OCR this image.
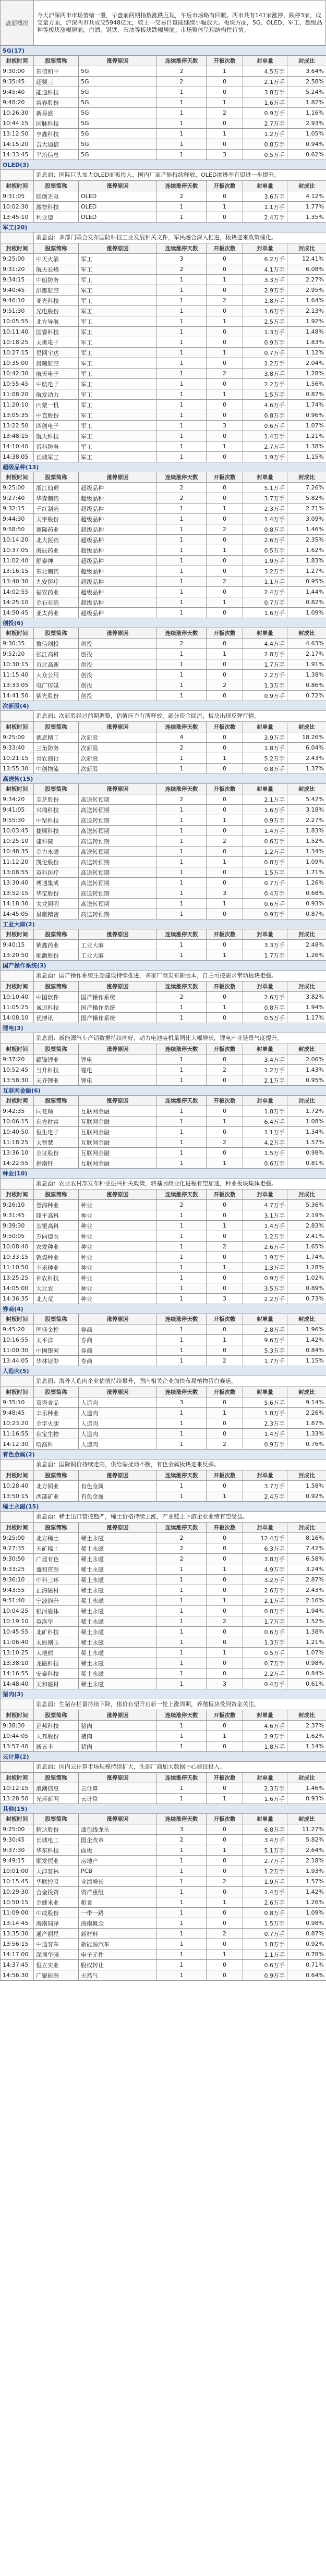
盘面概况	今天沪深两市市场情绪一般，早盘前两期指数涨跌互现，午后市场略有回暖。两市共有141家涨停，跌停3家，成交量方面，沪深两市共成交5948亿元，较上一交易日量能继续小幅放大。板块方面，5G、OLED、军工、超级品种等板块涨幅居前，白酒、钢铁、石油等板块跌幅居前。市场整体呈现结构性行情。
5G(17)						
封板时间	股票简称	涨停原因	连续涨停天数	开板次数	封单量	封成比
9:30:00	东信和平	5G	2	1	4.5万手	3.64%
9:35:45	超频三	5G	2	0	2.1万手	2.58%
9:45:40	能通科技	5G	1	0	3.8万手	5.24%
9:48:20	富春股份	5G	1	1	1.6万手	1.82%
10:26:30	新易盛	5G	1	2	0.9万手	1.16%
10:44:15	国脉科技	5G	1	0	2.7万手	2.93%
13:12:50	亨鑫科技	5G	1	1	1.2万手	1.05%
14:15:20	吉大通信	5G	1	0	0.8万手	0.94%
14:33:45	平治信息	5G	1	3	0.5万手	0.62%
OLED(3)						
	消息面：国际巨头加大OLED面板投入，国内厂商产能持续释放，OLED渗透率有望进一步提升。					
封板时间	股票简称	涨停原因	连续涨停天数	开板次数	封单量	封成比
9:31:05	联创光电	OLED	2	0	3.6万手	4.12%
10:02:30	激智科技	OLED	1	1	1.1万手	1.77%
13:45:10	利亚德	OLED	1	0	2.4万手	1.35%
军工(20)						
	消息面：多部门联合发布国防科技工业发展相关文件，军民融合深入推进，板块迎来政策催化。					
封板时间	股票简称	涨停原因	连续涨停天数	开板次数	封单量	封成比
9:25:00	中天火箭	军工	3	0	6.2万手	12.41%
9:31:20	航天长峰	军工	2	0	4.1万手	6.08%
9:34:15	中船防务	军工	1	1	3.3万手	2.27%
9:40:45	洪都航空	军工	1	0	2.9万手	2.95%
9:46:10	亚光科技	军工	1	2	1.8万手	1.64%
9:51:30	光电股份	军工	1	0	1.6万手	2.13%
10:05:55	北方导航	军工	1	1	2.5万手	1.92%
10:11:40	国睿科技	军工	1	0	1.3万手	1.48%
10:18:25	天奥电子	军工	1	0	0.9万手	1.83%
10:27:15	星网宇达	军工	1	1	0.7万手	1.12%
10:35:00	晨曦航空	军工	1	0	1.2万手	2.04%
10:42:30	航天电子	军工	1	2	3.8万手	1.28%
10:55:45	中航电子	军工	1	0	2.2万手	1.56%
11:08:20	航发动力	军工	1	1	1.5万手	0.87%
11:20:10	内蒙一机	军工	1	0	4.6万手	1.74%
13:05:35	中直股份	军工	1	0	0.8万手	0.96%
13:22:50	四创电子	军工	1	3	0.6万手	1.07%
13:48:15	航天科技	军工	1	0	1.4万手	1.21%
14:10:40	雷科防务	军工	1	1	2.7万手	1.38%
14:38:05	长城军工	军工	1	0	1.9万手	1.15%
超级品种(13)						
封板时间	股票简称	涨停原因	连续涨停天数	开板次数	封单量	封成比
9:25:00	浙江仙琚	超级品种	2	0	5.1万手	7.26%
9:27:40	华森制药	超级品种	2	0	3.7万手	5.82%
9:32:15	千红制药	超级品种	1	1	2.3万手	2.71%
9:44:30	天宇股份	超级品种	1	0	1.4万手	3.09%
9:58:50	赛隆药业	超级品种	1	2	0.8万手	1.46%
10:14:20	北大医药	超级品种	1	0	2.6万手	2.35%
10:37:05	海辰药业	超级品种	1	1	0.5万手	1.62%
11:02:40	舒泰神	超级品种	1	0	1.9万手	1.83%
13:16:15	东北制药	超级品种	1	0	3.2万手	1.27%
13:40:30	九安医疗	超级品种	1	2	1.1万手	0.95%
14:02:55	福安药业	超级品种	1	0	2.4万手	1.44%
14:25:10	金石亚药	超级品种	1	1	0.7万手	0.82%
14:50:45	亚太药业	超级品种	1	0	1.6万手	1.09%
创投(6)						
封板时间	股票简称	涨停原因	连续涨停天数	开板次数	封单量	封成比
9:30:35	鲁信创投	创投	2	0	4.4万手	4.63%
9:52:20	张江高科	创投	1	1	2.8万手	2.17%
10:30:15	市北高新	创投	1	0	1.7万手	1.91%
11:15:40	大众公用	创投	1	0	2.2万手	1.38%
13:33:05	电广传媒	创投	1	2	1.3万手	0.86%
14:41:50	紫光股份	创投	1	0	0.9万手	0.72%
次新股(4)						
	消息面：次新股经过前期调整，估值压力有所释放，部分资金回流，板块出现反弹行情。					
封板时间	股票简称	涨停原因	连续涨停天数	开板次数	封单量	封成比
9:25:00	德恩精工	次新股	4	0	3.9万手	18.26%
9:33:40	三角防务	次新股	2	0	1.8万手	6.04%
10:21:15	青农商行	次新股	1	1	5.2万手	2.43%
13:55:30	中创物流	次新股	1	0	0.8万手	1.37%
高送转(15)						
封板时间	股票简称	涨停原因	连续涨停天数	开板次数	封单量	封成比
9:34:20	美芝股份	高送转预期	2	0	2.1万手	5.42%
9:41:05	兴瑞科技	高送转预期	1	0	1.6万手	3.18%
9:55:30	中坚科技	高送转预期	1	1	0.9万手	2.27%
10:03:45	捷顺科技	高送转预期	1	0	1.4万手	1.83%
10:25:10	建科院	高送转预期	1	2	0.6万手	1.52%
10:48:35	金力永磁	高送转预期	1	0	1.2万手	1.34%
11:12:20	凯伦股份	高送转预期	1	1	0.8万手	1.09%
13:08:55	英科医疗	高送转预期	1	0	1.5万手	1.71%
13:30:40	博通集成	高送转预期	1	0	0.7万手	1.26%
13:52:15	华宝股份	高送转预期	1	3	0.4万手	0.68%
14:18:30	太龙照明	高送转预期	1	1	0.6万手	0.93%
14:45:05	星徽精密	高送转预期	1	0	0.9万手	0.87%
工业大麻(2)						
封板时间	股票简称	涨停原因	连续涨停天数	开板次数	封单量	封成比
9:40:15	紫鑫药业	工业大麻	1	0	3.3万手	2.48%
13:20:50	顺灏股份	工业大麻	1	1	1.7万手	1.26%
国产操作系统(3)						
	消息面：国产操作系统生态建设持续推进，多家厂商发布新版本，自主可控需求带动板块走强。					
封板时间	股票简称	涨停原因	连续涨停天数	开板次数	封单量	封成比
10:10:40	中国软件	国产操作系统	2	0	2.6万手	3.82%
11:05:25	诚迈科技	国产操作系统	1	1	0.8万手	1.94%
14:08:10	优博讯	国产操作系统	1	0	0.5万手	1.17%
锂电(3)						
	消息面：新能源汽车产销数据持续向好，动力电池装机量同比大幅增长，锂电产业链景气度提升。					
封板时间	股票简称	涨停原因	连续涨停天数	开板次数	封单量	封成比
9:37:20	赣锋锂业	锂电	1	0	3.4万手	2.06%
10:52:45	当升科技	锂电	1	2	1.2万手	1.43%
13:58:30	天齐锂业	锂电	1	0	2.1万手	0.95%
互联网金融(6)						
封板时间	股票简称	涨停原因	连续涨停天数	开板次数	封单量	封成比
9:42:35	同花顺	互联网金融	1	0	1.8万手	1.72%
10:06:15	东方财富	互联网金融	1	1	6.4万手	1.08%
10:40:50	恒生电子	互联网金融	1	0	1.1万手	1.34%
11:18:25	大智慧	互联网金融	1	2	4.2万手	1.57%
13:36:10	金证股份	互联网金融	1	0	1.5万手	0.98%
14:22:55	指南针	互联网金融	1	1	0.6万手	0.81%
种业(10)						
	消息面：农业农村部发布种业振兴相关政策，转基因商业化进程有望加速，种业板块集体走强。					
封板时间	股票简称	涨停原因	连续涨停天数	开板次数	封单量	封成比
9:26:10	登海种业	种业	2	0	4.7万手	5.36%
9:31:45	隆平高科	种业	1	0	3.1万手	2.19%
9:39:30	荃银高科	种业	1	1	1.4万手	2.83%
9:50:05	万向德农	种业	1	0	1.2万手	2.41%
10:08:40	农发种业	种业	1	2	2.6万手	1.65%
10:33:15	敦煌种业	种业	1	0	1.9万手	1.74%
11:10:50	丰乐种业	种业	1	1	1.3万手	1.28%
13:25:25	神农科技	种业	1	0	0.9万手	1.02%
14:05:00	大北农	种业	1	0	3.5万手	0.89%
14:36:35	北大荒	种业	1	3	2.2万手	0.73%
券商(4)						
封板时间	股票简称	涨停原因	连续涨停天数	开板次数	封单量	封成比
9:45:20	国盛金控	券商	1	0	2.8万手	1.96%
10:16:55	太平洋	券商	1	1	9.6万手	1.42%
11:00:30	中国银河	券商	1	0	5.3万手	0.84%
13:44:05	华林证券	券商	1	2	1.7万手	1.15%
人造肉(5)						
	消息面：海外人造肉企业估值持续攀升，国内相关企业加快布局植物蛋白赛道。					
封板时间	股票简称	涨停原因	连续涨停天数	开板次数	封单量	封成比
9:35:10	双塔食品	人造肉	3	0	5.6万手	9.14%
9:48:45	丰乐种业	人造肉	1	1	1.8万手	2.26%
10:23:20	金字火腿	人造肉	1	0	2.3万手	1.87%
11:16:55	东宝生物	人造肉	1	0	1.4万手	1.33%
14:12:30	哈高科	人造肉	1	2	0.9万手	0.76%
有色金属(2)						
	消息面：国际铜价持续走高，供给端扰动不断，有色金属板块迎来反弹。					
封板时间	股票简称	涨停原因	连续涨停天数	开板次数	封单量	封成比
10:28:40	北方铜业	有色金属	1	0	3.7万手	1.58%
13:50:15	西部矿业	有色金属	1	1	2.4万手	0.92%
稀土永磁(15)						
	消息面：稀土出口管控趋严，稀土价格持续上涨，产业链上下游企业业绩有望受益。					
封板时间	股票简称	涨停原因	连续涨停天数	开板次数	封单量	封成比
9:25:00	北方稀土	稀土永磁	2	0	12.4万手	8.16%
9:27:35	五矿稀土	稀土永磁	2	0	6.3万手	7.42%
9:30:50	广晟有色	稀土永磁	2	0	3.8万手	6.58%
9:33:25	盛和资源	稀土永磁	1	1	4.9万手	3.24%
9:36:10	中科三环	稀土永磁	1	0	3.2万手	2.87%
9:43:55	正海磁材	稀土永磁	1	0	2.6万手	2.43%
9:51:40	宁波韵升	稀土永磁	1	1	2.1万手	2.16%
10:04:25	银河磁体	稀土永磁	1	0	0.8万手	1.94%
10:19:10	英洛华	稀土永磁	1	2	1.7万手	1.52%
10:45:55	北矿科技	稀土永磁	1	0	0.6万手	1.38%
11:06:40	太原刚玉	稀土永磁	1	0	1.3万手	1.21%
13:10:25	大地熊	稀土永磁	1	1	0.5万手	1.07%
13:38:10	龙磁科技	稀土永磁	1	0	0.7万手	0.98%
14:16:55	安泰科技	稀土永磁	1	0	2.2万手	0.84%
14:48:40	天和磁材	稀土永磁	1	3	0.4万手	0.61%
猪肉(3)						
	消息面：生猪存栏量持续下降，猪价有望开启新一轮上涨周期，养殖板块受到资金关注。					
封板时间	股票简称	涨停原因	连续涨停天数	开板次数	封单量	封成比
9:38:30	正邦科技	猪肉	1	0	4.6万手	2.37%
10:44:05	天邦股份	猪肉	1	1	2.9万手	1.62%
13:57:40	新五丰	猪肉	1	0	1.8万手	1.14%
云计算(2)						
	消息面：国内云计算市场规模持续扩大，头部厂商加大数据中心建设投入。					
封板时间	股票简称	涨停原因	连续涨停天数	开板次数	封单量	封成比
10:12:15	浪潮信息	云计算	1	0	2.3万手	1.46%
13:28:50	光环新网	云计算	1	1	1.6万手	0.93%
其他(15)						
封板时间	股票简称	涨停原因	连续涨停天数	开板次数	封单量	封成比
9:25:00	精达股份	漆包线龙头	3	0	6.8万手	11.27%
9:30:45	长城电工	国企改革	2	0	3.4万手	5.82%
9:37:30	华东科技	面板	1	1	5.1万手	2.64%
9:49:15	顺发恒业	房地产	1	0	2.7万手	2.18%
10:01:00	天津普林	PCB	1	0	1.2万手	1.93%
10:15:45	华联控股	业绩增长	1	2	1.9万手	1.57%
10:29:30	合金投资	资产重组	1	0	1.4万手	1.42%
10:50:15	金健米业	粮食	1	1	2.6万手	1.26%
11:09:00	中成股份	一带一路	1	0	0.8万手	1.09%
13:14:45	海南瑞泽	海南概念	1	0	1.5万手	0.98%
13:35:30	通产丽星	新材料	1	2	0.7万手	0.87%
13:56:15	中通客车	新能源汽车	1	0	1.8万手	0.92%
14:17:00	深圳华强	电子元件	1	1	1.1万手	0.78%
14:37:45	恒立实业	股权转让	1	0	0.6万手	0.71%
14:56:30	广聚能源	天然气	1	0	0.9万手	0.64%
